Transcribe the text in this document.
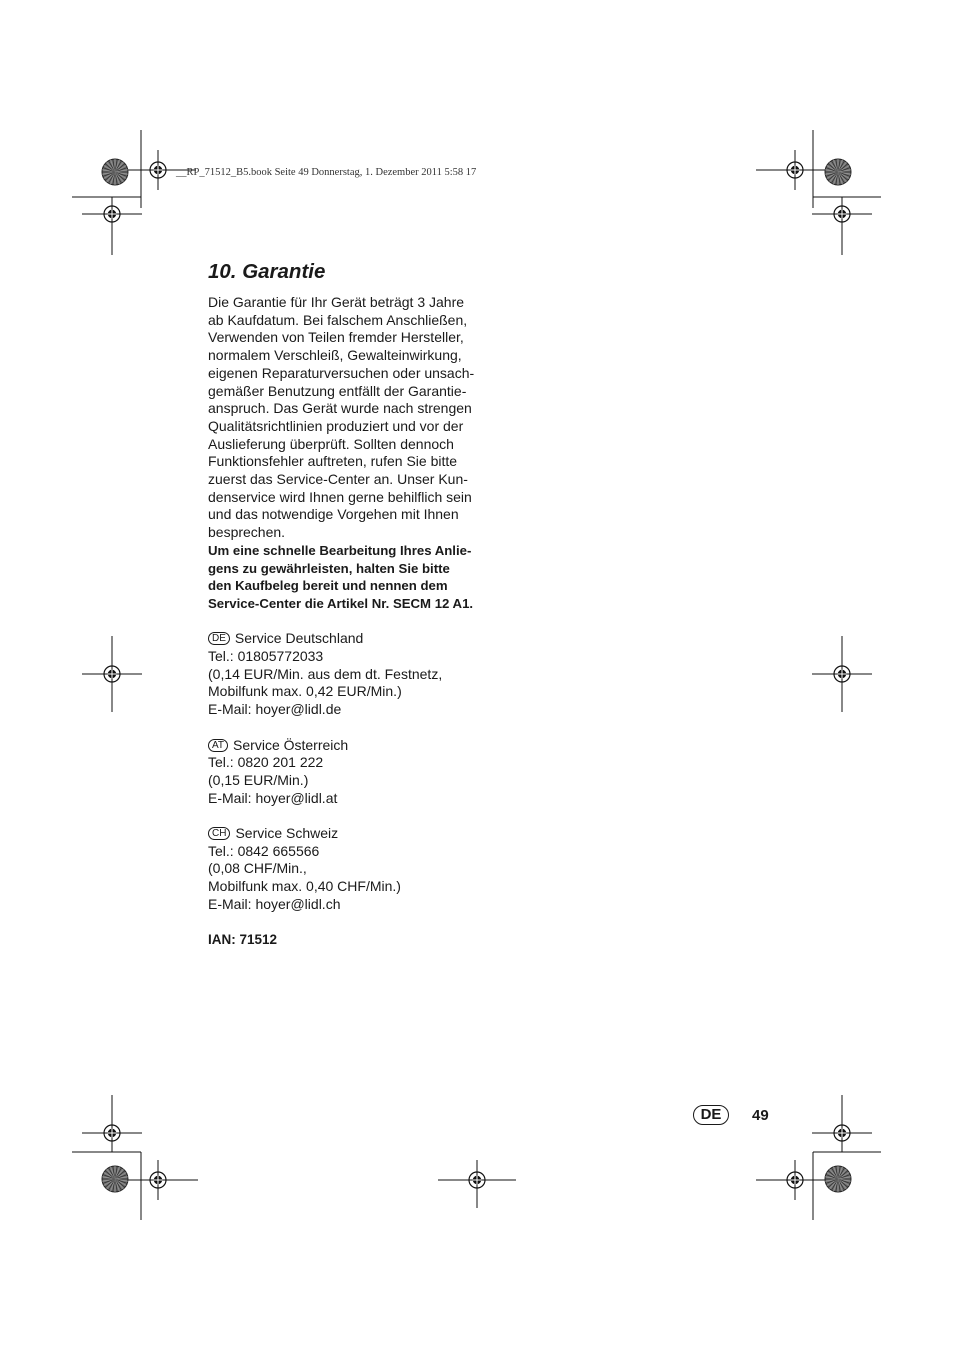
__RP_71512_B5.book Seite 49 Donnerstag, 1. Dezember 2011 5:58 17
10. Garantie

Die Garantie für Ihr Gerät beträgt 3 Jahre
ab Kaufdatum. Bei falschem Anschließen,
Verwenden von Teilen fremder Hersteller,
normalem Verschleiß, Gewalteinwirkung,
eigenen Reparaturversuchen oder unsach-
gemäßer Benutzung entfällt der Garantie-
anspruch. Das Gerät wurde nach strengen
Qualitätsrichtlinien produziert und vor der
Auslieferung überprüft. Sollten dennoch
Funktionsfehler auftreten, rufen Sie bitte
zuerst das Service-Center an. Unser Kun-
denservice wird Ihnen gerne behilflich sein
und das notwendige Vorgehen mit Ihnen
besprechen.

Um eine schnelle Bearbeitung Ihres Anlie-
gens zu gewährleisten, halten Sie bitte
den Kaufbeleg bereit und nennen dem
Service-Center die Artikel Nr. SECM 12 A1.

DE Service Deutschland
Tel.: 01805772033
(0,14 EUR/Min. aus dem dt. Festnetz,
Mobilfunk max. 0,42 EUR/Min.)
E-Mail: hoyer@lidl.de
AT Service Österreich
Tel.: 0820 201 222
(0,15 EUR/Min.)
E-Mail: hoyer@lidl.at
CH Service Schweiz
Tel.: 0842 665566
(0,08 CHF/Min.,
Mobilfunk max. 0,40 CHF/Min.)
E-Mail: hoyer@lidl.ch
IAN: 71512
DE	49
